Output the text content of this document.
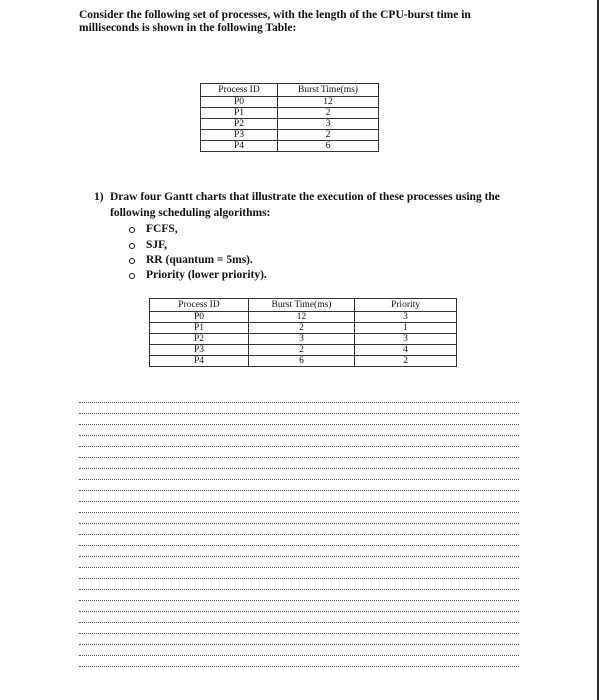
Consider the following set of processes, with the length of the CPU-burst time in
milliseconds is shown in the following Table:
Process ID	Burst Time(ms)
P0	12
P1	2
P2	3
P3	2
P4	6
1) Draw four Gantt charts that illustrate the execution of these processes using the
following scheduling algorithms:
FCFS,
SJF,
RR (quantum = 5ms).
Priority (lower priority).
Process ID	Burst Time(ms)	Priority
P0	12	3
P1	2	1
P2	3	3
P3	2	4
P4	6	2
